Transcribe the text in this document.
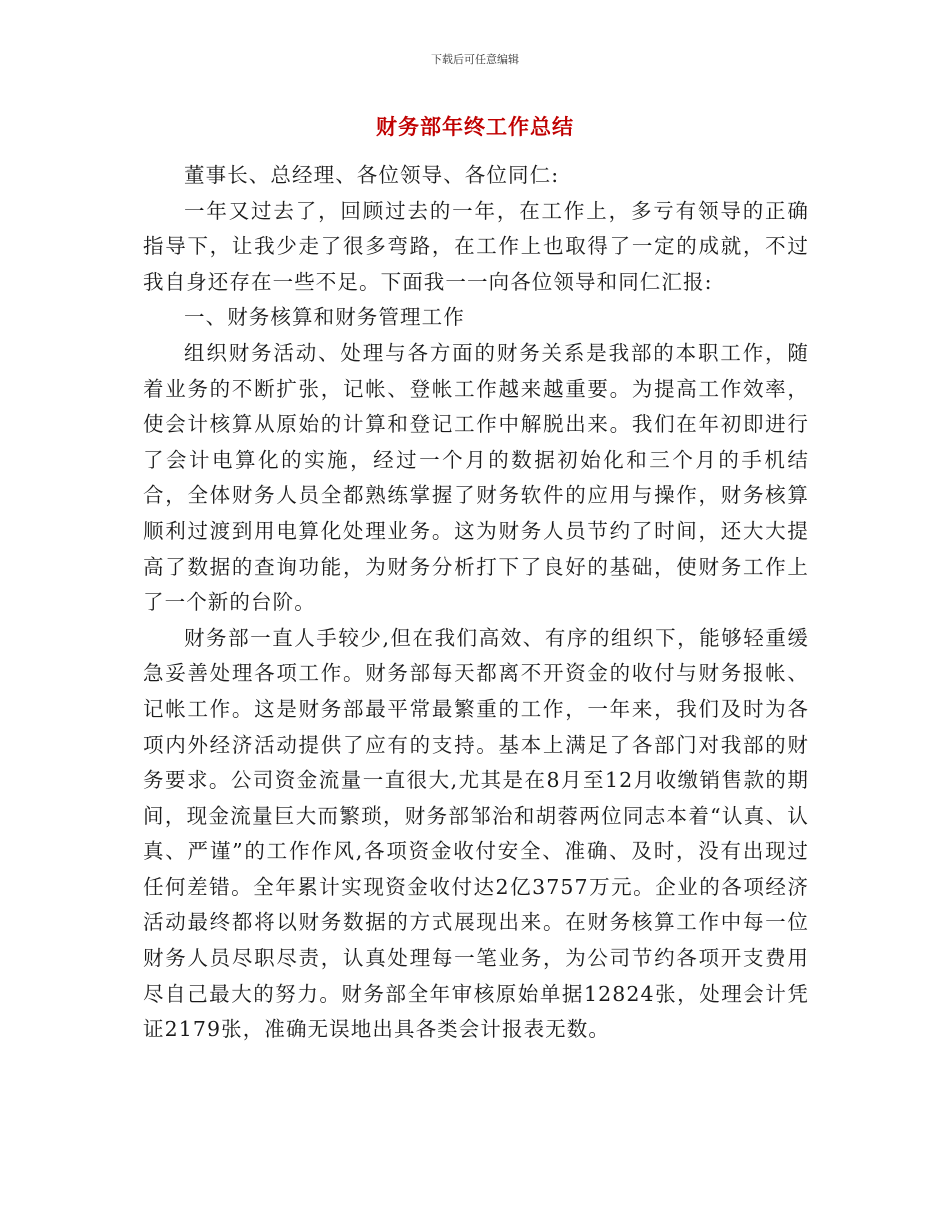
下载后可任意编辑
财务部年终工作总结

董事长、总经理、各位领导、各位同仁:

一年又过去了，回顾过去的一年，在工作上，多亏有领导的正确指导下，让我少走了很多弯路，在工作上也取得了一定的成就，不过我自身还存在一些不足。下面我一一向各位领导和同仁汇报:

一、财务核算和财务管理工作

组织财务活动、处理与各方面的财务关系是我部的本职工作，随着业务的不断扩张，记帐、登帐工作越来越重要。为提高工作效率，使会计核算从原始的计算和登记工作中解脱出来。我们在年初即进行了会计电算化的实施，经过一个月的数据初始化和三个月的手机结合，全体财务人员全都熟练掌握了财务软件的应用与操作，财务核算顺利过渡到用电算化处理业务。这为财务人员节约了时间，还大大提高了数据的查询功能，为财务分析打下了良好的基础，使财务工作上了一个新的台阶。

财务部一直人手较少,但在我们高效、有序的组织下，能够轻重缓急妥善处理各项工作。财务部每天都离不开资金的收付与财务报帐、记帐工作。这是财务部最平常最繁重的工作，一年来，我们及时为各项内外经济活动提供了应有的支持。基本上满足了各部门对我部的财务要求。公司资金流量一直很大,尤其是在8月至12月收缴销售款的期间，现金流量巨大而繁琐，财务部邹治和胡蓉两位同志本着“认真、认真、严谨”的工作作风,各项资金收付安全、准确、及时，没有出现过任何差错。全年累计实现资金收付达2亿3757万元。企业的各项经济活动最终都将以财务数据的方式展现出来。在财务核算工作中每一位财务人员尽职尽责，认真处理每一笔业务，为公司节约各项开支费用尽自己最大的努力。财务部全年审核原始单据12824张，处理会计凭证2179张，准确无误地出具各类会计报表无数。
